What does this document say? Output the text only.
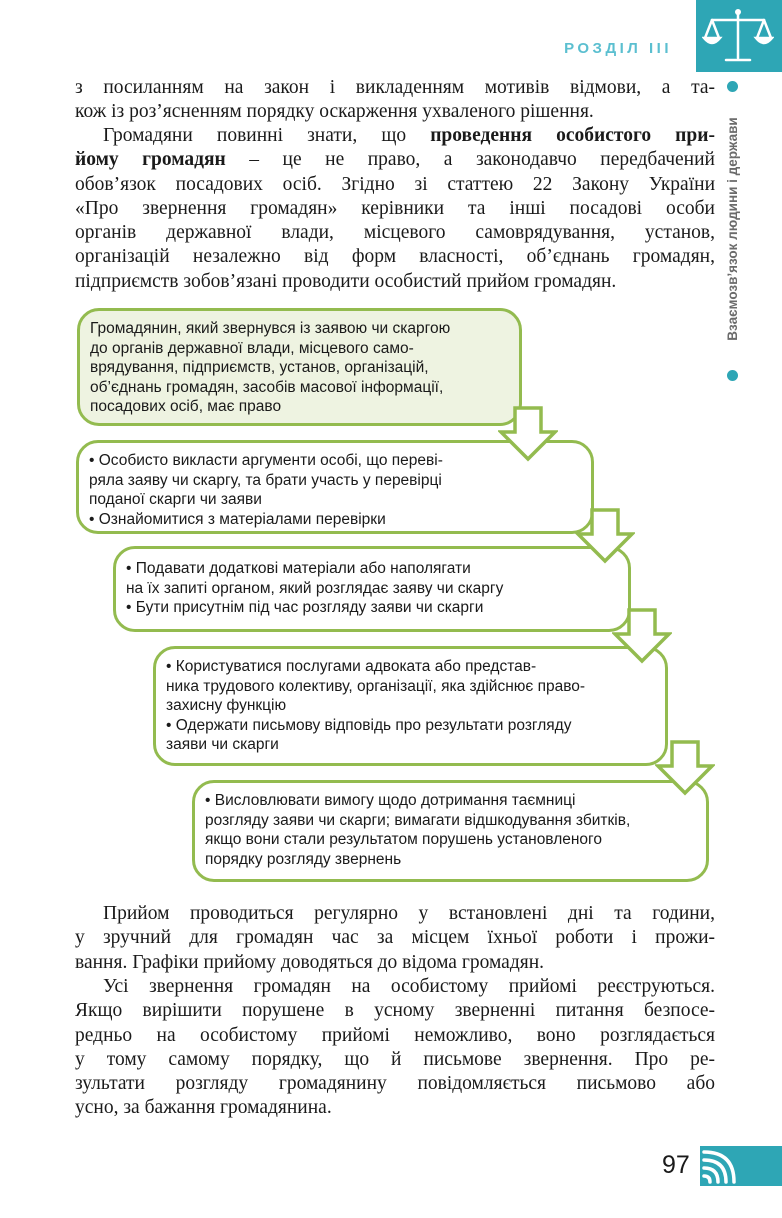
РОЗДІЛ III
Взаємозв’язок людини і держави
з посиланням на закон і викладенням мотивів відмови, а та-
кож із роз’ясненням порядку оскарження ухваленого рішення.
Громадяни повинні знати, що проведення особистого при-
йому громадян – це не право, а законодавчо передбачений
обов’язок посадових осіб. Згідно зі статтею 22 Закону України
«Про звернення громадян» керівники та інші посадові особи
органів державної влади, місцевого самоврядування, установ,
організацій незалежно від форм власності, об’єднань громадян,
підприємств зобов’язані проводити особистий прийом громадян.
Громадянин, який звернувся із заявою чи скаргою
до органів державної влади, місцевого само-
врядування, підприємств, установ, організацій,
об’єднань громадян, засобів масової інформації,
посадових осіб, має право
• Особисто викласти аргументи особі, що переві-
ряла заяву чи скаргу, та брати участь у перевірці
поданої скарги чи заяви
• Ознайомитися з матеріалами перевірки
• Подавати додаткові матеріали або наполягати
на їх запиті органом, який розглядає заяву чи скаргу
• Бути присутнім під час розгляду заяви чи скарги
• Користуватися послугами адвоката або представ-
ника трудового колективу, організації, яка здійснює право-
захисну функцію
• Одержати письмову відповідь про результати розгляду
заяви чи скарги
• Висловлювати вимогу щодо дотримання таємниці
розгляду заяви чи скарги; вимагати відшкодування збитків,
якщо вони стали результатом порушень установленого
порядку розгляду звернень
Прийом проводиться регулярно у встановлені дні та години,
у зручний для громадян час за місцем їхньої роботи і прожи-
вання. Графіки прийому доводяться до відома громадян.
Усі звернення громадян на особистому прийомі реєструються.
Якщо вирішити порушене в усному зверненні питання безпосе-
редньо на особистому прийомі неможливо, воно розглядається
у тому самому порядку, що й письмове звернення. Про ре-
зультати розгляду громадянину повідомляється письмово або
усно, за бажання громадянина.
97
